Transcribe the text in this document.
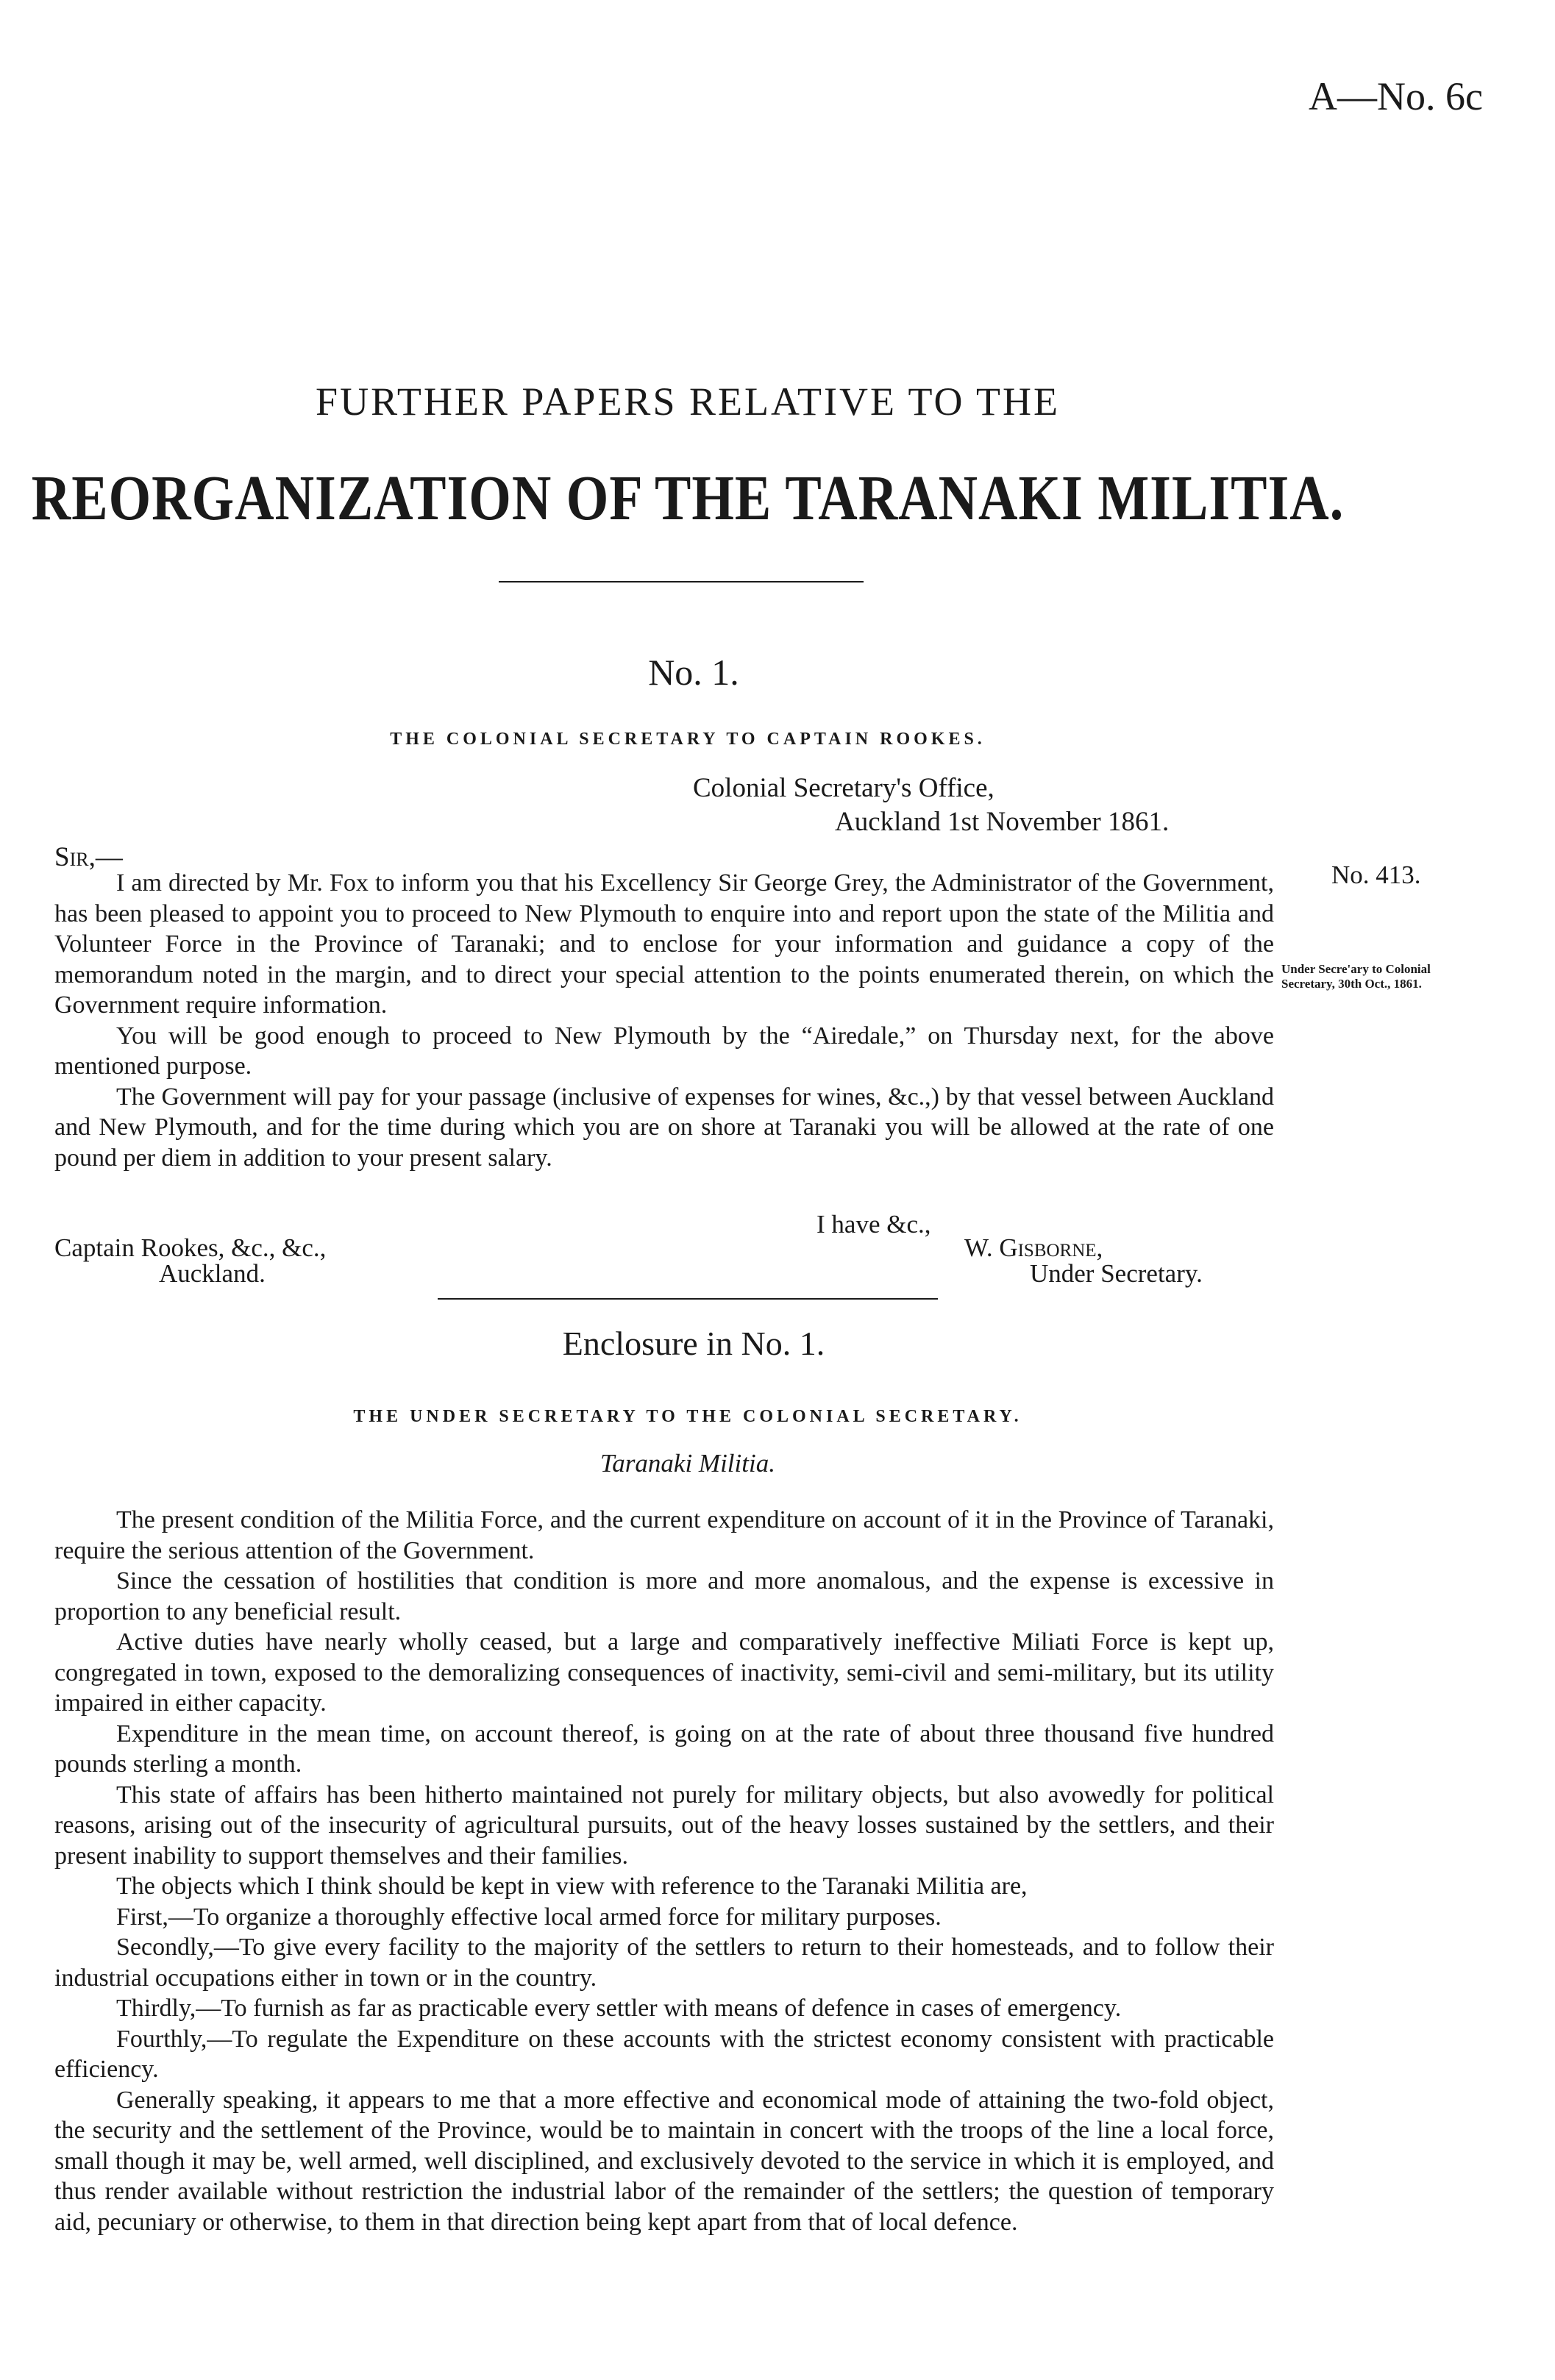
A—No. 6c
FURTHER PAPERS RELATIVE TO THE
REORGANIZATION OF THE TARANAKI MILITIA.
No. 1.
THE COLONIAL SECRETARY TO CAPTAIN ROOKES.
Colonial Secretary's Office,
Auckland 1st November 1861.
Sir,—
No. 413.
Under Secre'ary to Colonial Secretary, 30th Oct., 1861.

I am directed by Mr. Fox to inform you that his Excellency Sir George Grey, the Administrator of the Government, has been pleased to appoint you to proceed to New Plymouth to enquire into and report upon the state of the Militia and Volunteer Force in the Province of Taranaki; and to enclose for your information and guidance a copy of the memorandum noted in the margin, and to direct your special attention to the points enumerated therein, on which the Government require information.

You will be good enough to proceed to New Plymouth by the “Airedale,” on Thursday next, for the above mentioned purpose.

The Government will pay for your passage (inclusive of expenses for wines, &c.,) by that vessel between Auckland and New Plymouth, and for the time during which you are on shore at Taranaki you will be allowed at the rate of one pound per diem in addition to your present salary.

I have &c.,
Captain Rookes, &c., &c.,
Auckland.
W. Gisborne,
Under Secretary.
Enclosure in No. 1.
THE UNDER SECRETARY TO THE COLONIAL SECRETARY.
Taranaki Militia.

The present condition of the Militia Force, and the current expenditure on account of it in the Province of Taranaki, require the serious attention of the Government.

Since the cessation of hostilities that condition is more and more anomalous, and the expense is excessive in proportion to any beneficial result.

Active duties have nearly wholly ceased, but a large and comparatively ineffective Miliati Force is kept up, congregated in town, exposed to the demoralizing consequences of inactivity, semi-civil and semi-military, but its utility impaired in either capacity.

Expenditure in the mean time, on account thereof, is going on at the rate of about three thousand five hundred pounds sterling a month.

This state of affairs has been hitherto maintained not purely for military objects, but also avowedly for political reasons, arising out of the insecurity of agricultural pursuits, out of the heavy losses sustained by the settlers, and their present inability to support themselves and their families.

The objects which I think should be kept in view with reference to the Taranaki Militia are,

First,—To organize a thoroughly effective local armed force for military purposes.

Secondly,—To give every facility to the majority of the settlers to return to their homesteads, and to follow their industrial occupations either in town or in the country.

Thirdly,—To furnish as far as practicable every settler with means of defence in cases of emergency.

Fourthly,—To regulate the Expenditure on these accounts with the strictest economy consistent with practicable efficiency.

Generally speaking, it appears to me that a more effective and economical mode of attaining the two-fold object, the security and the settlement of the Province, would be to maintain in concert with the troops of the line a local force, small though it may be, well armed, well disciplined, and exclusively devoted to the service in which it is employed, and thus render available without restriction the industrial labor of the remainder of the settlers; the question of temporary aid, pecuniary or otherwise, to them in that direction being kept apart from that of local defence.
